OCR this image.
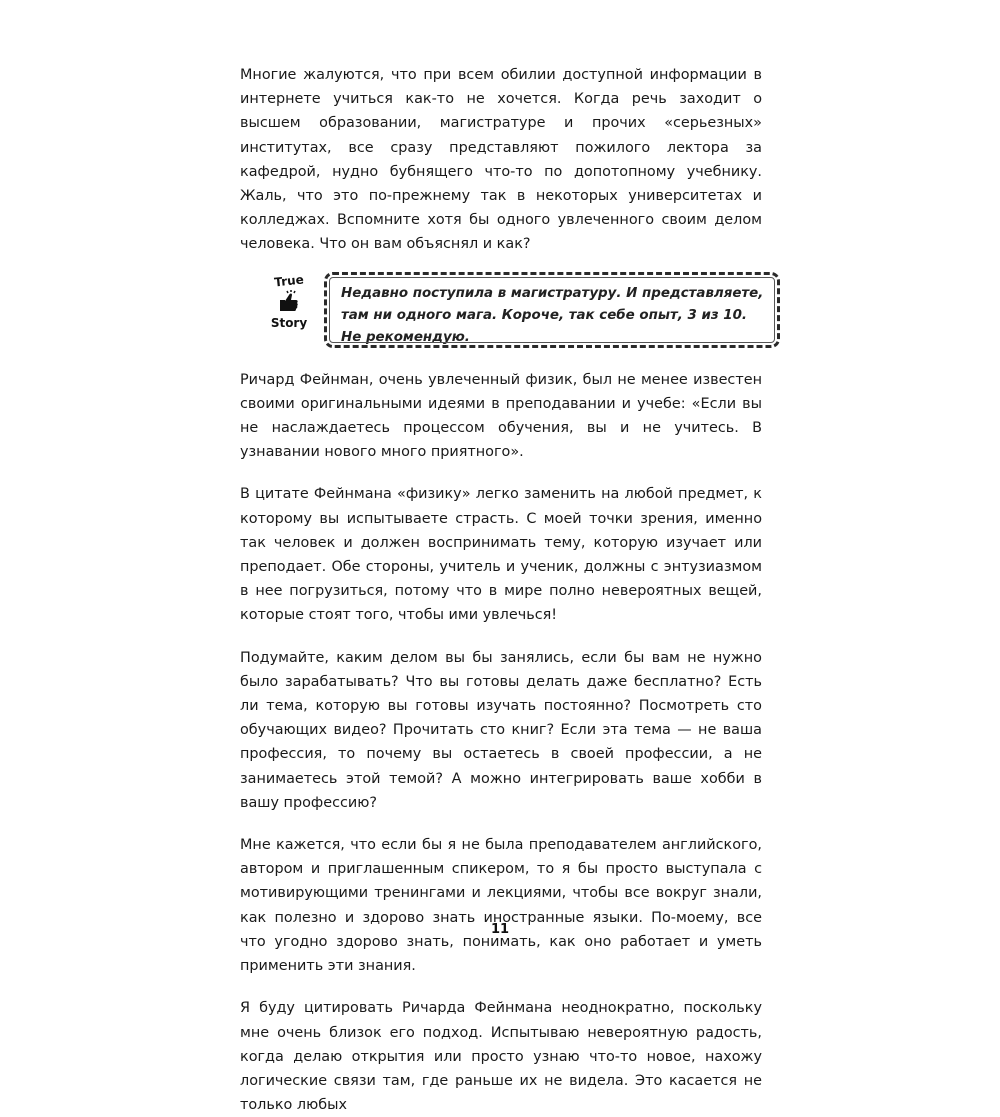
Многие жалуются, что при всем обилии доступной информации в интернете учиться как-то не хочется. Когда речь заходит о высшем образовании, магистратуре и прочих «серьезных» институтах, все сразу представляют пожилого лектора за кафедрой, нудно бубнящего что-то по допотопному учебнику. Жаль, что это по-прежнему так в некоторых университетах и колледжах. Вспомните хотя бы одного увлеченного своим делом человека. Что он вам объяснял и как?

True
Story

Недавно поступила в магистратуру. И представляете, там ни одного мага. Короче, так себе опыт, 3 из 10. Не рекомендую.

Ричард Фейнман, очень увлеченный физик, был не менее известен своими оригинальными идеями в преподавании и учебе: «Если вы не наслаждаетесь процессом обучения, вы и не учитесь. В узнавании нового много приятного».

В цитате Фейнмана «физику» легко заменить на любой предмет, к которому вы испытываете страсть. С моей точки зрения, именно так человек и должен воспринимать тему, которую изучает или преподает. Обе стороны, учитель и ученик, должны с энтузиазмом в нее погрузиться, потому что в мире полно невероятных вещей, которые стоят того, чтобы ими увлечься!

Подумайте, каким делом вы бы занялись, если бы вам не нужно было зарабатывать? Что вы готовы делать даже бесплатно? Есть ли тема, которую вы готовы изучать постоянно? Посмотреть сто обучающих видео? Прочитать сто книг? Если эта тема — не ваша профессия, то почему вы остаетесь в своей профессии, а не занимаетесь этой темой? А можно интегрировать ваше хобби в вашу профессию?

Мне кажется, что если бы я не была преподавателем английского, автором и приглашенным спикером, то я бы просто выступала с мотивирующими тренингами и лекциями, чтобы все вокруг знали, как полезно и здорово знать иностранные языки. По-моему, все что угодно здорово знать, понимать, как оно работает и уметь применить эти знания.

Я буду цитировать Ричарда Фейнмана неоднократно, поскольку мне очень близок его подход. Испытываю невероятную радость, когда делаю открытия или просто узнаю что-то новое, нахожу логические связи там, где раньше их не видела. Это касается не только любых

11
